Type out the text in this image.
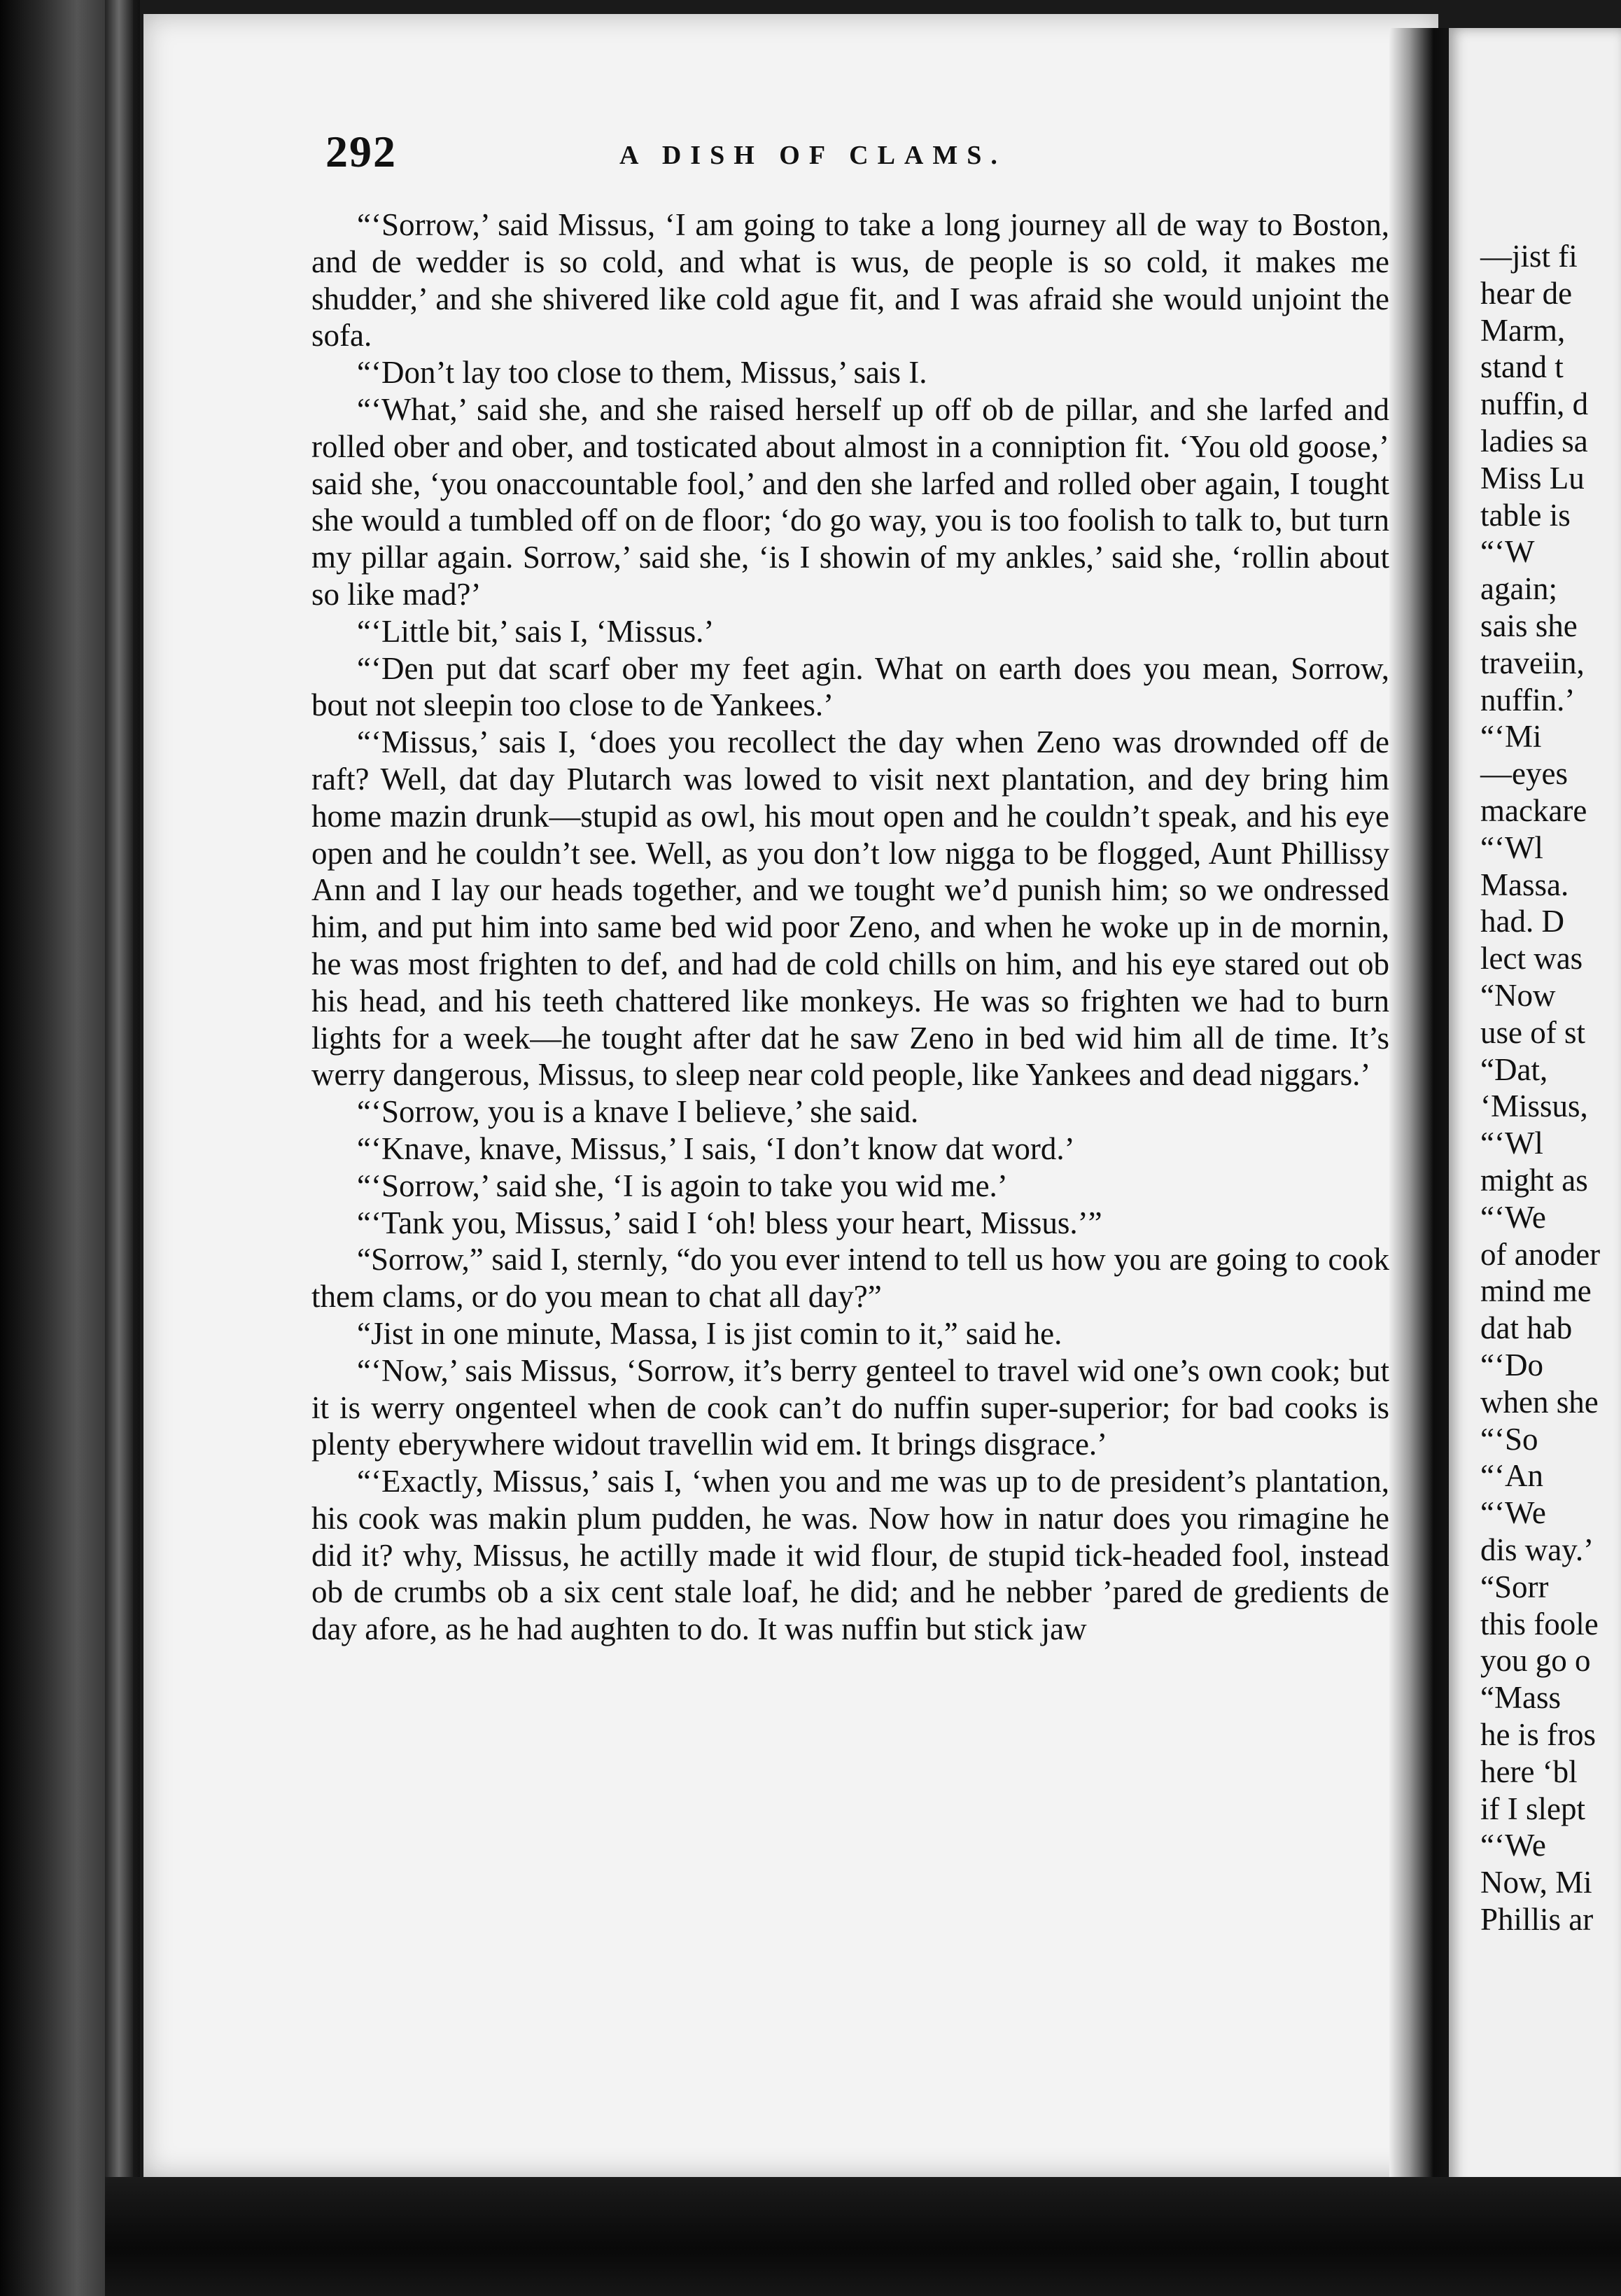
—jist fi
hear de
Marm,
stand t
nuffin, d
ladies sa
Miss Lu
table is
“‘W
again;
sais she
traveiin,
nuffin.’
“‘Mi
—eyes
mackare
“‘Wl
Massa.
had. D
lect was
“Now
use of st
“Dat,
‘Missus,
“‘Wl
might as
“‘We
of anoder
mind me
dat hab
“‘Do
when she
“‘So
“‘An
“‘We
dis way.’
“Sorr
this foole
you go o
“Mass
he is fros
here ‘bl
if I slept
“‘We
Now, Mi
Phillis ar
292	A DISH OF CLAMS.

“‘Sorrow,’ said Missus, ‘I am going to take a long journey all de way to Boston, and de wedder is so cold, and what is wus, de people is so cold, it makes me shudder,’ and she shivered like cold ague fit, and I was afraid she would unjoint the sofa.

“‘Don’t lay too close to them, Missus,’ sais I.

“‘What,’ said she, and she raised herself up off ob de pillar, and she larfed and rolled ober and ober, and tosticated about almost in a conniption fit. ‘You old goose,’ said she, ‘you onaccountable fool,’ and den she larfed and rolled ober again, I tought she would a tumbled off on de floor; ‘do go way, you is too foolish to talk to, but turn my pillar again. Sorrow,’ said she, ‘is I showin of my ankles,’ said she, ‘rollin about so like mad?’

“‘Little bit,’ sais I, ‘Missus.’

“‘Den put dat scarf ober my feet agin. What on earth does you mean, Sorrow, bout not sleepin too close to de Yankees.’

“‘Missus,’ sais I, ‘does you recollect the day when Zeno was drownded off de raft? Well, dat day Plutarch was lowed to visit next plantation, and dey bring him home mazin drunk—stupid as owl, his mout open and he couldn’t speak, and his eye open and he couldn’t see. Well, as you don’t low nigga to be flogged, Aunt Phillissy Ann and I lay our heads together, and we tought we’d punish him; so we ondressed him, and put him into same bed wid poor Zeno, and when he woke up in de mornin, he was most frighten to def, and had de cold chills on him, and his eye stared out ob his head, and his teeth chattered like monkeys. He was so frighten we had to burn lights for a week—he tought after dat he saw Zeno in bed wid him all de time. It’s werry dangerous, Missus, to sleep near cold people, like Yankees and dead niggars.’

“‘Sorrow, you is a knave I believe,’ she said.

“‘Knave, knave, Missus,’ I sais, ‘I don’t know dat word.’

“‘Sorrow,’ said she, ‘I is agoin to take you wid me.’

“‘Tank you, Missus,’ said I ‘oh! bless your heart, Missus.’”

“Sorrow,” said I, sternly, “do you ever intend to tell us how you are going to cook them clams, or do you mean to chat all day?”

“Jist in one minute, Massa, I is jist comin to it,” said he.

“‘Now,’ sais Missus, ‘Sorrow, it’s berry genteel to travel wid one’s own cook; but it is werry ongenteel when de cook can’t do nuffin super-superior; for bad cooks is plenty eberywhere widout travellin wid em. It brings disgrace.’

“‘Exactly, Missus,’ sais I, ‘when you and me was up to de president’s plantation, his cook was makin plum pudden, he was. Now how in natur does you rimagine he did it? why, Missus, he actilly made it wid flour, de stupid tick-headed fool, instead ob de crumbs ob a six cent stale loaf, he did; and he nebber ’pared de gredients de day afore, as he had aughten to do. It was nuffin but stick jaw
